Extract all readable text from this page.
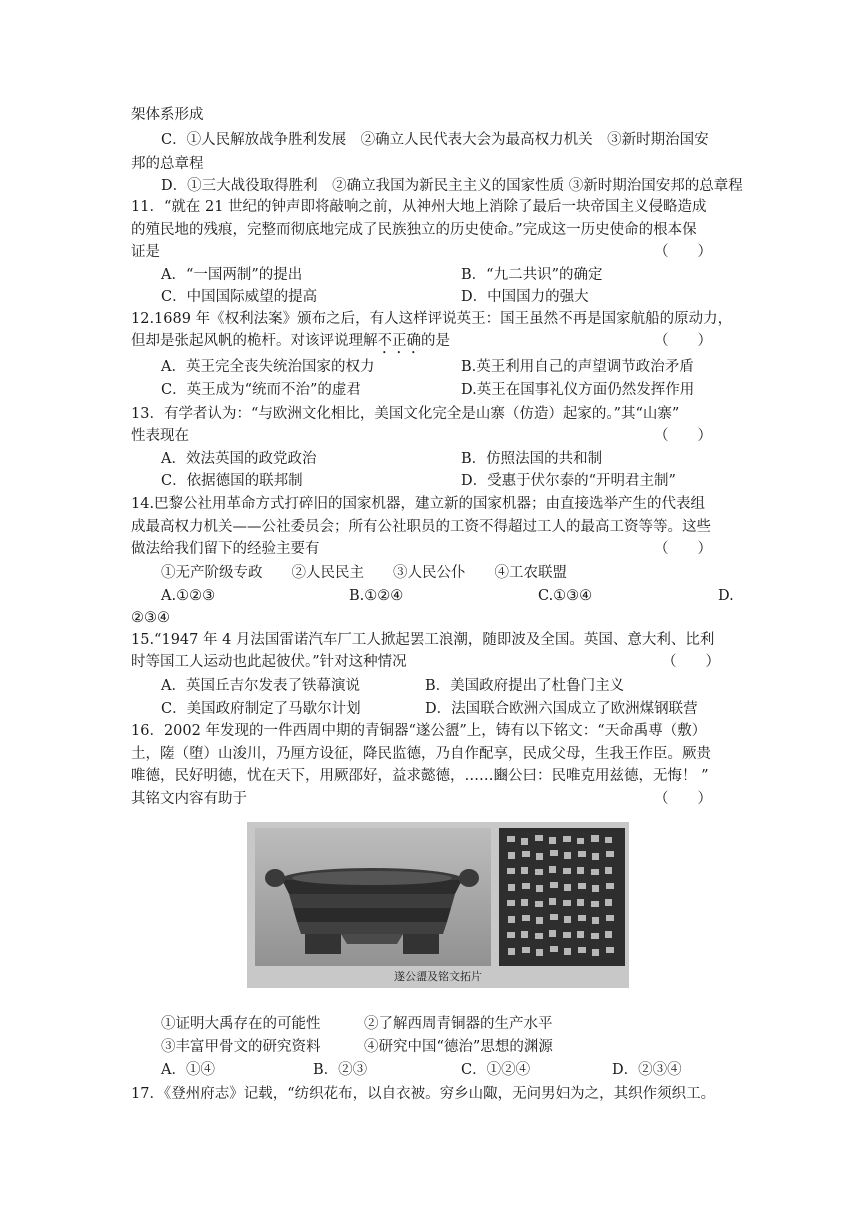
架体系形成
C．①人民解放战争胜利发展　②确立人民代表大会为最高权力机关　③新时期治国安
邦的总章程
D．①三大战役取得胜利　②确立我国为新民主主义的国家性质 ③新时期治国安邦的总章程
11．“就在 21 世纪的钟声即将敲响之前，从神州大地上消除了最后一块帝国主义侵略造成
的殖民地的残痕，完整而彻底地完成了民族独立的历史使命。”完成这一历史使命的根本保
证是	（　　）
A．“一国两制”的提出	B．“九二共识”的确定
C．中国国际威望的提高	D．中国国力的强大
12.1689 年《权利法案》颁布之后，有人这样评说英王：国王虽然不再是国家航船的原动力，
但却是张起风帆的桅杆。对该评说理解不正确的是	（　　）
A．英王完全丧失统治国家的权力	B.英王利用自己的声望调节政治矛盾
C．英王成为“统而不治”的虚君	D.英王在国事礼仪方面仍然发挥作用
13．有学者认为：“与欧洲文化相比，美国文化完全是山寨（仿造）起家的。”其“山寨”
性表现在	（　　）
A．效法英国的政党政治	B．仿照法国的共和制
C．依据德国的联邦制	D．受惠于伏尔泰的“开明君主制”
14.巴黎公社用革命方式打碎旧的国家机器，建立新的国家机器；由直接选举产生的代表组
成最高权力机关——公社委员会；所有公社职员的工资不得超过工人的最高工资等等。这些
做法给我们留下的经验主要有	（　　）
①无产阶级专政　　②人民民主　　③人民公仆　　④工农联盟
A.①②③	B.①②④	C.①③④	D.
②③④
15.“1947 年 4 月法国雷诺汽车厂工人掀起罢工浪潮，随即波及全国。英国、意大利、比利
时等国工人运动也此起彼伏。”针对这种情况	（　　）
A．英国丘吉尔发表了铁幕演说	B．美国政府提出了杜鲁门主义
C．美国政府制定了马歇尔计划	D．法国联合欧洲六国成立了欧洲煤钢联营
16．2002 年发现的一件西周中期的青铜器“遂公盨”上，铸有以下铭文：“天命禹尃（敷）
土，隓（堕）山浚川，乃厘方设征，降民监德，乃自作配享，民成父母，生我王作臣。厥贵
唯德，民好明德，忧在天下，用厥邵好，益求懿德，……豳公曰：民唯克用兹德，无悔！ ”
其铭文内容有助于	（　　）
遂公盨及铭文拓片
①证明大禹存在的可能性　　　②了解西周青铜器的生产水平
③丰富甲骨文的研究资料　　　④研究中国“德治”思想的渊源
A．①④	B．②③	C．①②④	D．②③④
17．《登州府志》记载，“纺织花布，以自衣被。穷乡山陬，无问男妇为之，其织作须织工。
